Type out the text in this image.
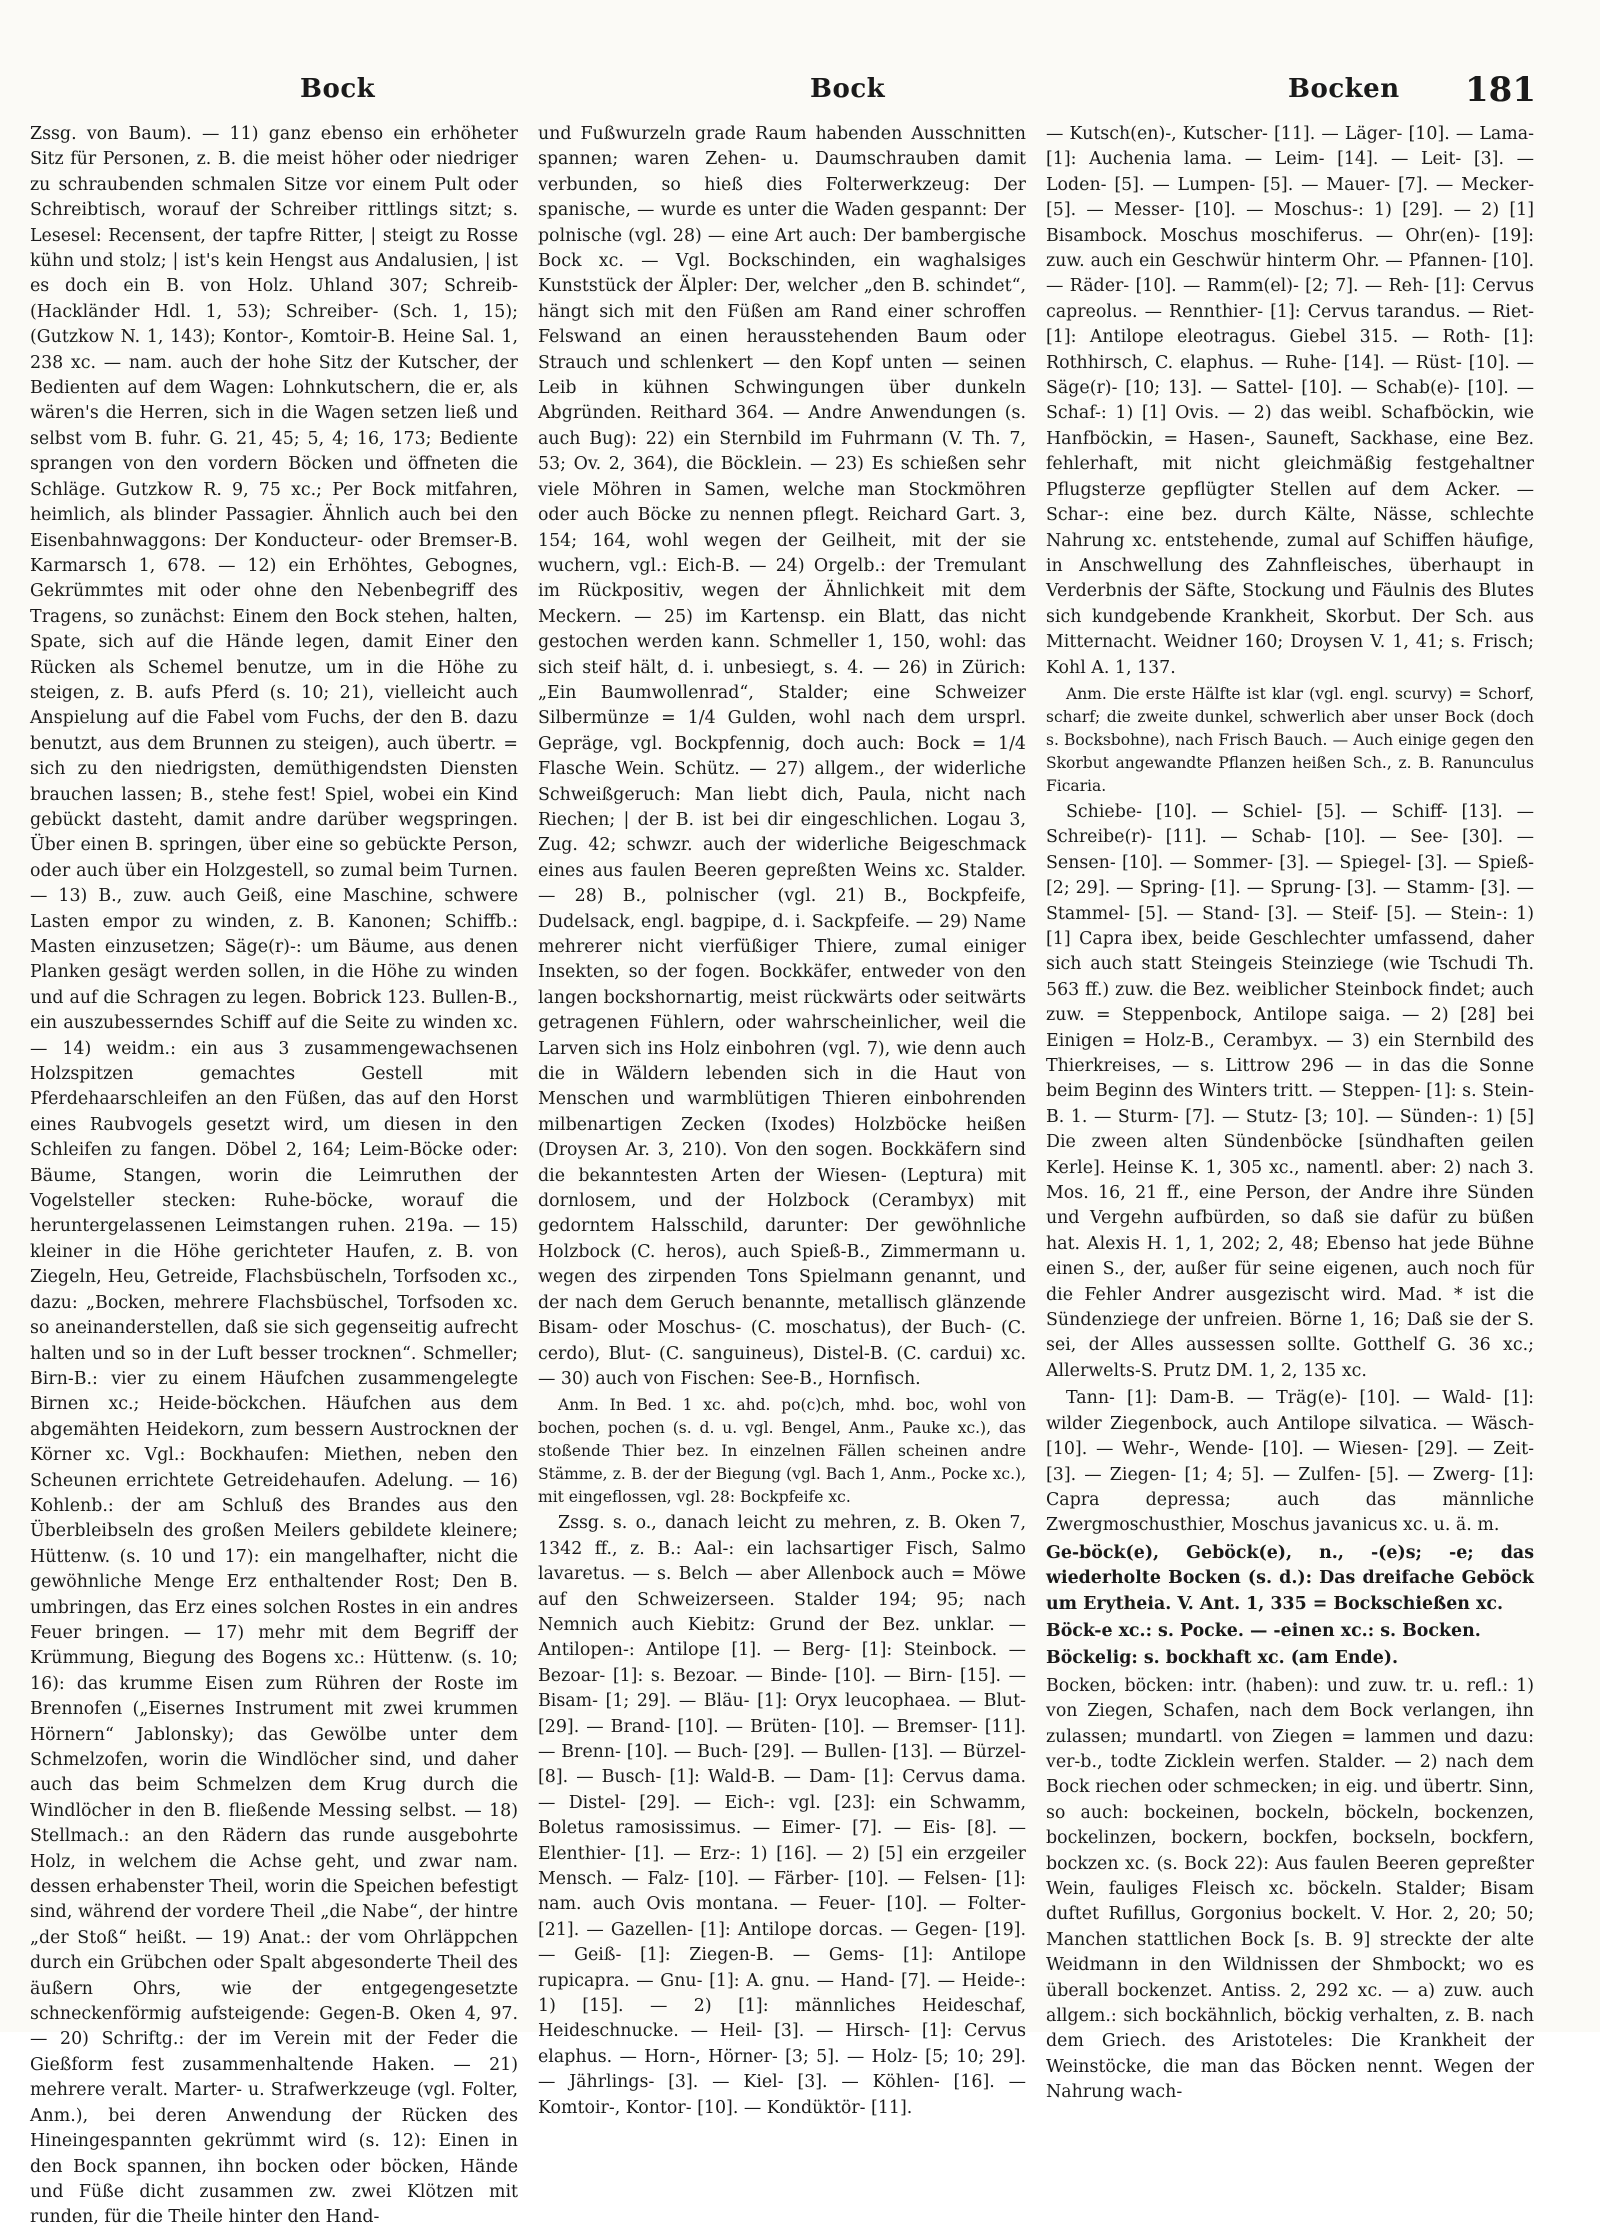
Bock	Bock	Bocken 181

Zssg. von Baum). — 11) ganz ebenso ein erhöheter Sitz für Personen, z. B. die meist höher oder niedriger zu schraubenden schmalen Sitze vor einem Pult oder Schreibtisch, worauf der Schreiber rittlings sitzt; s. Lesesel: Recensent, der tapfre Ritter, | steigt zu Rosse kühn und stolz; | ist's kein Hengst aus Andalusien, | ist es doch ein B. von Holz. Uhland 307; Schreib- (Hackländer Hdl. 1, 53); Schreiber- (Sch. 1, 15); (Gutzkow N. 1, 143); Kontor-, Komtoir-B. Heine Sal. 1, 238 xc. — nam. auch der hohe Sitz der Kutscher, der Bedienten auf dem Wagen: Lohnkutschern, die er, als wären's die Herren, sich in die Wagen setzen ließ und selbst vom B. fuhr. G. 21, 45; 5, 4; 16, 173; Bediente sprangen von den vordern Böcken und öffneten die Schläge. Gutzkow R. 9, 75 xc.; Per Bock mitfahren, heimlich, als blinder Passagier. Ähnlich auch bei den Eisenbahnwaggons: Der Konducteur- oder Bremser-B. Karmarsch 1, 678. — 12) ein Erhöhtes, Gebognes, Gekrümmtes mit oder ohne den Nebenbegriff des Tragens, so zunächst: Einem den Bock stehen, halten, Spate, sich auf die Hände legen, damit Einer den Rücken als Schemel benutze, um in die Höhe zu steigen, z. B. aufs Pferd (s. 10; 21), vielleicht auch Anspielung auf die Fabel vom Fuchs, der den B. dazu benutzt, aus dem Brunnen zu steigen), auch übertr. = sich zu den niedrigsten, demüthigendsten Diensten brauchen lassen; B., stehe fest! Spiel, wobei ein Kind gebückt dasteht, damit andre darüber wegspringen. Über einen B. springen, über eine so gebückte Person, oder auch über ein Holzgestell, so zumal beim Turnen. — 13) B., zuw. auch Geiß, eine Maschine, schwere Lasten empor zu winden, z. B. Kanonen; Schiffb.: Masten einzusetzen; Säge(r)-: um Bäume, aus denen Planken gesägt werden sollen, in die Höhe zu winden und auf die Schragen zu legen. Bobrick 123. Bullen-B., ein auszubesserndes Schiff auf die Seite zu winden xc. — 14) weidm.: ein aus 3 zusammengewachsenen Holzspitzen gemachtes Gestell mit Pferdehaarschleifen an den Füßen, das auf den Horst eines Raubvogels gesetzt wird, um diesen in den Schleifen zu fangen. Döbel 2, 164; Leim-Böcke oder: Bäume, Stangen, worin die Leimruthen der Vogelsteller stecken: Ruhe-böcke, worauf die heruntergelassenen Leimstangen ruhen. 219a. — 15) kleiner in die Höhe gerichteter Haufen, z. B. von Ziegeln, Heu, Getreide, Flachsbüscheln, Torfsoden xc., dazu: „Bocken, mehrere Flachsbüschel, Torfsoden xc. so aneinanderstellen, daß sie sich gegenseitig aufrecht halten und so in der Luft besser trocknen“. Schmeller; Birn-B.: vier zu einem Häufchen zusammengelegte Birnen xc.; Heide-böckchen. Häufchen aus dem abgemähten Heidekorn, zum bessern Austrocknen der Körner xc. Vgl.: Bockhaufen: Miethen, neben den Scheunen errichtete Getreidehaufen. Adelung. — 16) Kohlenb.: der am Schluß des Brandes aus den Überbleibseln des großen Meilers gebildete kleinere; Hüttenw. (s. 10 und 17): ein mangelhafter, nicht die gewöhnliche Menge Erz enthaltender Rost; Den B. umbringen, das Erz eines solchen Rostes in ein andres Feuer bringen. — 17) mehr mit dem Begriff der Krümmung, Biegung des Bogens xc.: Hüttenw. (s. 10; 16): das krumme Eisen zum Rühren der Roste im Brennofen („Eisernes Instrument mit zwei krummen Hörnern“ Jablonsky); das Gewölbe unter dem Schmelzofen, worin die Windlöcher sind, und daher auch das beim Schmelzen dem Krug durch die Windlöcher in den B. fließende Messing selbst. — 18) Stellmach.: an den Rädern das runde ausgebohrte Holz, in welchem die Achse geht, und zwar nam. dessen erhabenster Theil, worin die Speichen befestigt sind, während der vordere Theil „die Nabe“, der hintre „der Stoß“ heißt. — 19) Anat.: der vom Ohrläppchen durch ein Grübchen oder Spalt abgesonderte Theil des äußern Ohrs, wie der entgegengesetzte schneckenförmig aufsteigende: Gegen-B. Oken 4, 97. — 20) Schriftg.: der im Verein mit der Feder die Gießform fest zusammenhaltende Haken. — 21) mehrere veralt. Marter- u. Strafwerkzeuge (vgl. Folter, Anm.), bei deren Anwendung der Rücken des Hineingespannten gekrümmt wird (s. 12): Einen in den Bock spannen, ihn bocken oder böcken, Hände und Füße dicht zusammen zw. zwei Klötzen mit runden, für die Theile hinter den Hand-

und Fußwurzeln grade Raum habenden Ausschnitten spannen; waren Zehen- u. Daumschrauben damit verbunden, so hieß dies Folterwerkzeug: Der spanische, — wurde es unter die Waden gespannt: Der polnische (vgl. 28) — eine Art auch: Der bambergische Bock xc. — Vgl. Bockschinden, ein waghalsiges Kunststück der Älpler: Der, welcher „den B. schindet“, hängt sich mit den Füßen am Rand einer schroffen Felswand an einen herausstehenden Baum oder Strauch und schlenkert — den Kopf unten — seinen Leib in kühnen Schwingungen über dunkeln Abgründen. Reithard 364. — Andre Anwendungen (s. auch Bug): 22) ein Sternbild im Fuhrmann (V. Th. 7, 53; Ov. 2, 364), die Böcklein. — 23) Es schießen sehr viele Möhren in Samen, welche man Stockmöhren oder auch Böcke zu nennen pflegt. Reichard Gart. 3, 154; 164, wohl wegen der Geilheit, mit der sie wuchern, vgl.: Eich-B. — 24) Orgelb.: der Tremulant im Rückpositiv, wegen der Ähnlichkeit mit dem Meckern. — 25) im Kartensp. ein Blatt, das nicht gestochen werden kann. Schmeller 1, 150, wohl: das sich steif hält, d. i. unbesiegt, s. 4. — 26) in Zürich: „Ein Baumwollenrad“, Stalder; eine Schweizer Silbermünze = 1/4 Gulden, wohl nach dem ursprl. Gepräge, vgl. Bockpfennig, doch auch: Bock = 1/4 Flasche Wein. Schütz. — 27) allgem., der widerliche Schweißgeruch: Man liebt dich, Paula, nicht nach Riechen; | der B. ist bei dir eingeschlichen. Logau 3, Zug. 42; schwzr. auch der widerliche Beigeschmack eines aus faulen Beeren gepreßten Weins xc. Stalder. — 28) B., polnischer (vgl. 21) B., Bockpfeife, Dudelsack, engl. bagpipe, d. i. Sackpfeife. — 29) Name mehrerer nicht vierfüßiger Thiere, zumal einiger Insekten, so der fogen. Bockkäfer, entweder von den langen bockshornartig, meist rückwärts oder seitwärts getragenen Fühlern, oder wahrscheinlicher, weil die Larven sich ins Holz einbohren (vgl. 7), wie denn auch die in Wäldern lebenden sich in die Haut von Menschen und warmblütigen Thieren einbohrenden milbenartigen Zecken (Ixodes) Holzböcke heißen (Droysen Ar. 3, 210). Von den sogen. Bockkäfern sind die bekanntesten Arten der Wiesen- (Leptura) mit dornlosem, und der Holzbock (Cerambyx) mit gedorntem Halsschild, darunter: Der gewöhnliche Holzbock (C. heros), auch Spieß-B., Zimmermann u. wegen des zirpenden Tons Spielmann genannt, und der nach dem Geruch benannte, metallisch glänzende Bisam- oder Moschus- (C. moschatus), der Buch- (C. cerdo), Blut- (C. sanguineus), Distel-B. (C. cardui) xc. — 30) auch von Fischen: See-B., Hornfisch.

Anm. In Bed. 1 xc. ahd. po(c)ch, mhd. boc, wohl von bochen, pochen (s. d. u. vgl. Bengel, Anm., Pauke xc.), das stoßende Thier bez. In einzelnen Fällen scheinen andre Stämme, z. B. der der Biegung (vgl. Bach 1, Anm., Pocke xc.), mit eingeflossen, vgl. 28: Bockpfeife xc.

Zssg. s. o., danach leicht zu mehren, z. B. Oken 7, 1342 ff., z. B.: Aal-: ein lachsartiger Fisch, Salmo lavaretus. — s. Belch — aber Allenbock auch = Möwe auf den Schweizerseen. Stalder 194; 95; nach Nemnich auch Kiebitz: Grund der Bez. unklar. — Antilopen-: Antilope [1]. — Berg- [1]: Steinbock. — Bezoar- [1]: s. Bezoar. — Binde- [10]. — Birn- [15]. — Bisam- [1; 29]. — Bläu- [1]: Oryx leucophaea. — Blut- [29]. — Brand- [10]. — Brüten- [10]. — Bremser- [11]. — Brenn- [10]. — Buch- [29]. — Bullen- [13]. — Bürzel- [8]. — Busch- [1]: Wald-B. — Dam- [1]: Cervus dama. — Distel- [29]. — Eich-: vgl. [23]: ein Schwamm, Boletus ramosissimus. — Eimer- [7]. — Eis- [8]. — Elenthier- [1]. — Erz-: 1) [16]. — 2) [5] ein erzgeiler Mensch. — Falz- [10]. — Färber- [10]. — Felsen- [1]: nam. auch Ovis montana. — Feuer- [10]. — Folter- [21]. — Gazellen- [1]: Antilope dorcas. — Gegen- [19]. — Geiß- [1]: Ziegen-B. — Gems- [1]: Antilope rupicapra. — Gnu- [1]: A. gnu. — Hand- [7]. — Heide-: 1) [15]. — 2) [1]: männliches Heideschaf, Heideschnucke. — Heil- [3]. — Hirsch- [1]: Cervus elaphus. — Horn-, Hörner- [3; 5]. — Holz- [5; 10; 29]. — Jährlings- [3]. — Kiel- [3]. — Köhlen- [16]. — Komtoir-, Kontor- [10]. — Kondüktör- [11].

— Kutsch(en)-, Kutscher- [11]. — Läger- [10]. — Lama- [1]: Auchenia lama. — Leim- [14]. — Leit- [3]. — Loden- [5]. — Lumpen- [5]. — Mauer- [7]. — Mecker- [5]. — Messer- [10]. — Moschus-: 1) [29]. — 2) [1] Bisambock. Moschus moschiferus. — Ohr(en)- [19]: zuw. auch ein Geschwür hinterm Ohr. — Pfannen- [10]. — Räder- [10]. — Ramm(el)- [2; 7]. — Reh- [1]: Cervus capreolus. — Rennthier- [1]: Cervus tarandus. — Riet- [1]: Antilope eleotragus. Giebel 315. — Roth- [1]: Rothhirsch, C. elaphus. — Ruhe- [14]. — Rüst- [10]. — Säge(r)- [10; 13]. — Sattel- [10]. — Schab(e)- [10]. — Schaf-: 1) [1] Ovis. — 2) das weibl. Schafböckin, wie Hanfböckin, = Hasen-, Sauneft, Sackhase, eine Bez. fehlerhaft, mit nicht gleichmäßig festgehaltner Pflugsterze gepflügter Stellen auf dem Acker. — Schar-: eine bez. durch Kälte, Nässe, schlechte Nahrung xc. entstehende, zumal auf Schiffen häufige, in Anschwellung des Zahnfleisches, überhaupt in Verderbnis der Säfte, Stockung und Fäulnis des Blutes sich kundgebende Krankheit, Skorbut. Der Sch. aus Mitternacht. Weidner 160; Droysen V. 1, 41; s. Frisch; Kohl A. 1, 137.

Anm. Die erste Hälfte ist klar (vgl. engl. scurvy) = Schorf, scharf; die zweite dunkel, schwerlich aber unser Bock (doch s. Bocksbohne), nach Frisch Bauch. — Auch einige gegen den Skorbut angewandte Pflanzen heißen Sch., z. B. Ranunculus Ficaria.

Schiebe- [10]. — Schiel- [5]. — Schiff- [13]. — Schreibe(r)- [11]. — Schab- [10]. — See- [30]. — Sensen- [10]. — Sommer- [3]. — Spiegel- [3]. — Spieß- [2; 29]. — Spring- [1]. — Sprung- [3]. — Stamm- [3]. — Stammel- [5]. — Stand- [3]. — Steif- [5]. — Stein-: 1) [1] Capra ibex, beide Geschlechter umfassend, daher sich auch statt Steingeis Steinziege (wie Tschudi Th. 563 ff.) zuw. die Bez. weiblicher Steinbock findet; auch zuw. = Steppenbock, Antilope saiga. — 2) [28] bei Einigen = Holz-B., Cerambyx. — 3) ein Sternbild des Thierkreises, — s. Littrow 296 — in das die Sonne beim Beginn des Winters tritt. — Steppen- [1]: s. Stein-B. 1. — Sturm- [7]. — Stutz- [3; 10]. — Sünden-: 1) [5] Die zween alten Sündenböcke [sündhaften geilen Kerle]. Heinse K. 1, 305 xc., namentl. aber: 2) nach 3. Mos. 16, 21 ff., eine Person, der Andre ihre Sünden und Vergehn aufbürden, so daß sie dafür zu büßen hat. Alexis H. 1, 1, 202; 2, 48; Ebenso hat jede Bühne einen S., der, außer für seine eigenen, auch noch für die Fehler Andrer ausgezischt wird. Mad. * ist die Sündenziege der unfreien. Börne 1, 16; Daß sie der S. sei, der Alles aussessen sollte. Gotthelf G. 36 xc.; Allerwelts-S. Prutz DM. 1, 2, 135 xc.

Tann- [1]: Dam-B. — Träg(e)- [10]. — Wald- [1]: wilder Ziegenbock, auch Antilope silvatica. — Wäsch- [10]. — Wehr-, Wende- [10]. — Wiesen- [29]. — Zeit- [3]. — Ziegen- [1; 4; 5]. — Zulfen- [5]. — Zwerg- [1]: Capra depressa; auch das männliche Zwergmoschusthier, Moschus javanicus xc. u. ä. m.

Ge-böck(e), Geböck(e), n., -(e)s; -e; das wiederholte Bocken (s. d.): Das dreifache Geböck um Erytheia. V. Ant. 1, 335 = Bockschießen xc.

Böck-e xc.: s. Pocke. — -einen xc.: s. Bocken.

Böckelig: s. bockhaft xc. (am Ende).

Bocken, böcken: intr. (haben): und zuw. tr. u. refl.: 1) von Ziegen, Schafen, nach dem Bock verlangen, ihn zulassen; mundartl. von Ziegen = lammen und dazu: ver-b., todte Zicklein werfen. Stalder. — 2) nach dem Bock riechen oder schmecken; in eig. und übertr. Sinn, so auch: bockeinen, bockeln, böckeln, bockenzen, bockelinzen, bockern, bockfen, bockseln, bockfern, bockzen xc. (s. Bock 22): Aus faulen Beeren gepreßter Wein, fauliges Fleisch xc. böckeln. Stalder; Bisam duftet Rufillus, Gorgonius bockelt. V. Hor. 2, 20; 50; Manchen stattlichen Bock [s. B. 9] streckte der alte Weidmann in den Wildnissen der Shmbockt; wo es überall bockenzet. Antiss. 2, 292 xc. — a) zuw. auch allgem.: sich bockähnlich, böckig verhalten, z. B. nach dem Griech. des Aristoteles: Die Krankheit der Weinstöcke, die man das Böcken nennt. Wegen der Nahrung wach-
